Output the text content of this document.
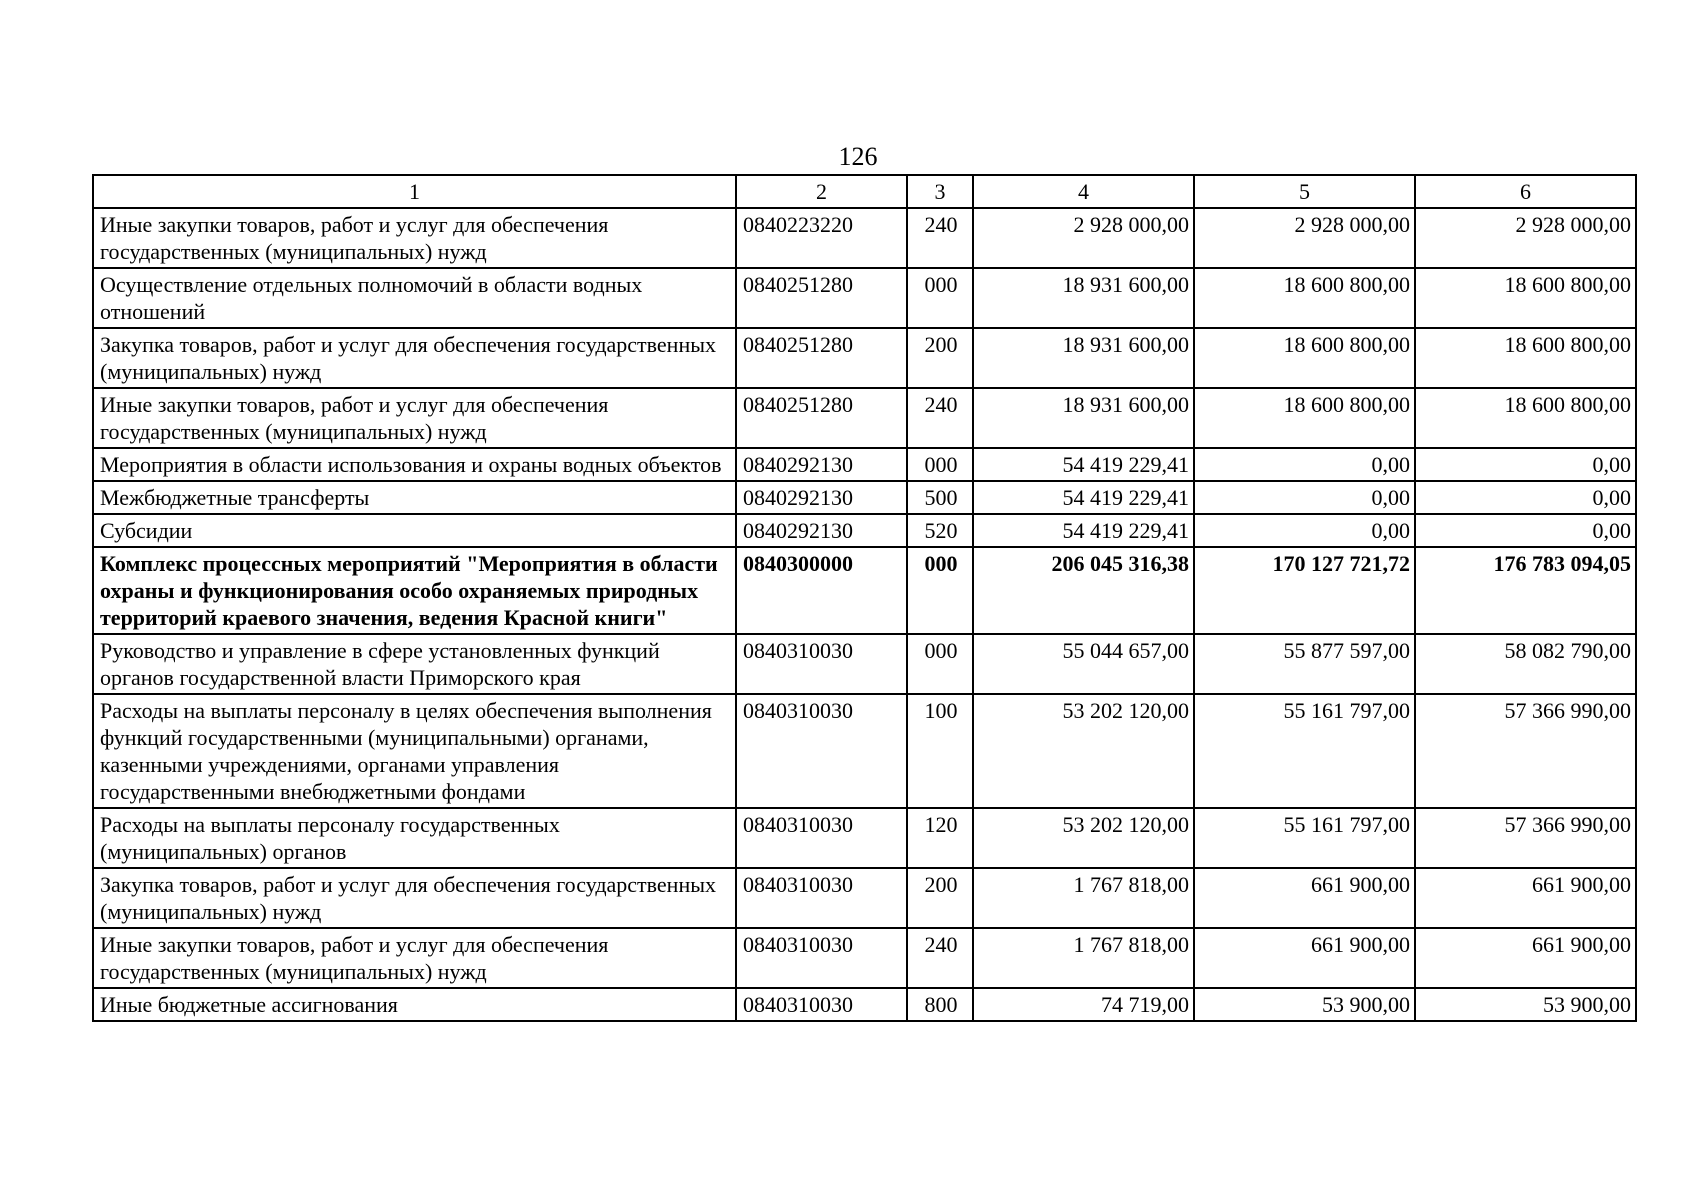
126
1	2	3	4	5	6
Иные закупки товаров, работ и услуг для обеспечения государственных (муниципальных) нужд	0840223220	240	2 928 000,00	2 928 000,00	2 928 000,00
Осуществление отдельных полномочий в области водных отношений	0840251280	000	18 931 600,00	18 600 800,00	18 600 800,00
Закупка товаров, работ и услуг для обеспечения государственных (муниципальных) нужд	0840251280	200	18 931 600,00	18 600 800,00	18 600 800,00
Иные закупки товаров, работ и услуг для обеспечения государственных (муниципальных) нужд	0840251280	240	18 931 600,00	18 600 800,00	18 600 800,00
Мероприятия в области использования и охраны водных объектов	0840292130	000	54 419 229,41	0,00	0,00
Межбюджетные трансферты	0840292130	500	54 419 229,41	0,00	0,00
Субсидии	0840292130	520	54 419 229,41	0,00	0,00
Комплекс процессных мероприятий "Мероприятия в области охраны и функционирования особо охраняемых природных территорий краевого значения, ведения Красной книги"	0840300000	000	206 045 316,38	170 127 721,72	176 783 094,05
Руководство и управление в сфере установленных функций органов государственной власти Приморского края	0840310030	000	55 044 657,00	55 877 597,00	58 082 790,00
Расходы на выплаты персоналу в целях обеспечения выполнения функций государственными (муниципальными) органами, казенными учреждениями, органами управления государственными внебюджетными фондами	0840310030	100	53 202 120,00	55 161 797,00	57 366 990,00
Расходы на выплаты персоналу государственных (муниципальных) органов	0840310030	120	53 202 120,00	55 161 797,00	57 366 990,00
Закупка товаров, работ и услуг для обеспечения государственных (муниципальных) нужд	0840310030	200	1 767 818,00	661 900,00	661 900,00
Иные закупки товаров, работ и услуг для обеспечения государственных (муниципальных) нужд	0840310030	240	1 767 818,00	661 900,00	661 900,00
Иные бюджетные ассигнования	0840310030	800	74 719,00	53 900,00	53 900,00
